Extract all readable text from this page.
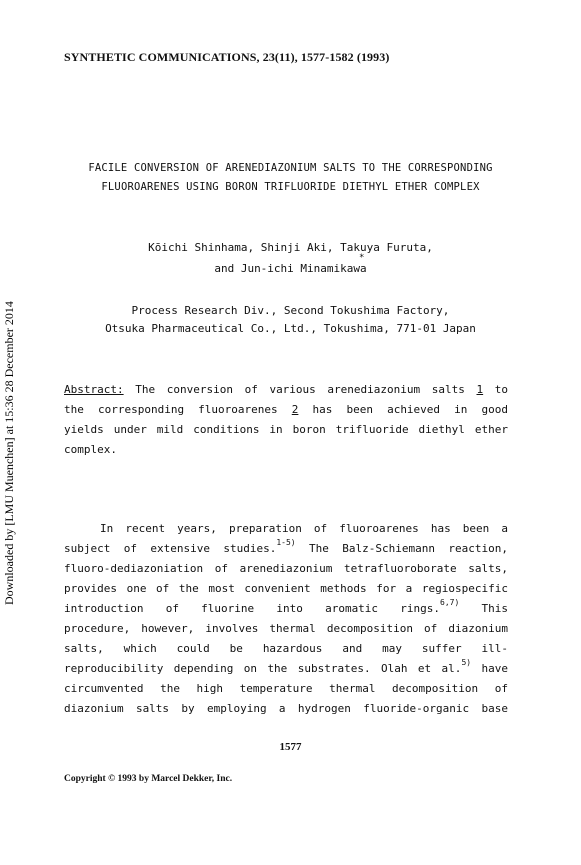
Downloaded by [LMU Muenchen] at 15:36 28 December 2014
SYNTHETIC COMMUNICATIONS, 23(11), 1577-1582 (1993)
FACILE CONVERSION OF ARENEDIAZONIUM SALTS TO THE CORRESPONDING
FLUOROARENES USING BORON TRIFLUORIDE DIETHYL ETHER COMPLEX
Kōichi Shinhama, Shinji Aki, Takuya Furuta,
and Jun-ichi Minamikawa
*
Process Research Div., Second Tokushima Factory,
Otsuka Pharmaceutical Co., Ltd., Tokushima, 771-01 Japan
Abstract: The conversion of various arenediazonium salts 1 to
the corresponding fluoroarenes 2 has been achieved in good
yields under mild conditions in boron trifluoride diethyl ether
complex.
In recent years, preparation of fluoroarenes has been a
subject of extensive studies.$^{1-5)}$ The Balz-Schiemann reaction,
fluoro-dediazoniation of arenediazonium tetrafluoroborate salts,
provides one of the most convenient methods for a regiospecific
introduction of fluorine into aromatic rings.$^{6,7)}$ This
procedure, however, involves thermal decomposition of diazonium
salts, which could be hazardous and may suffer ill-
reproducibility depending on the substrates. Olah et al.$^{5)}$ have
circumvented the high temperature thermal decomposition of
diazonium salts by employing a hydrogen fluoride-organic base
1577
Copyright © 1993 by Marcel Dekker, Inc.
